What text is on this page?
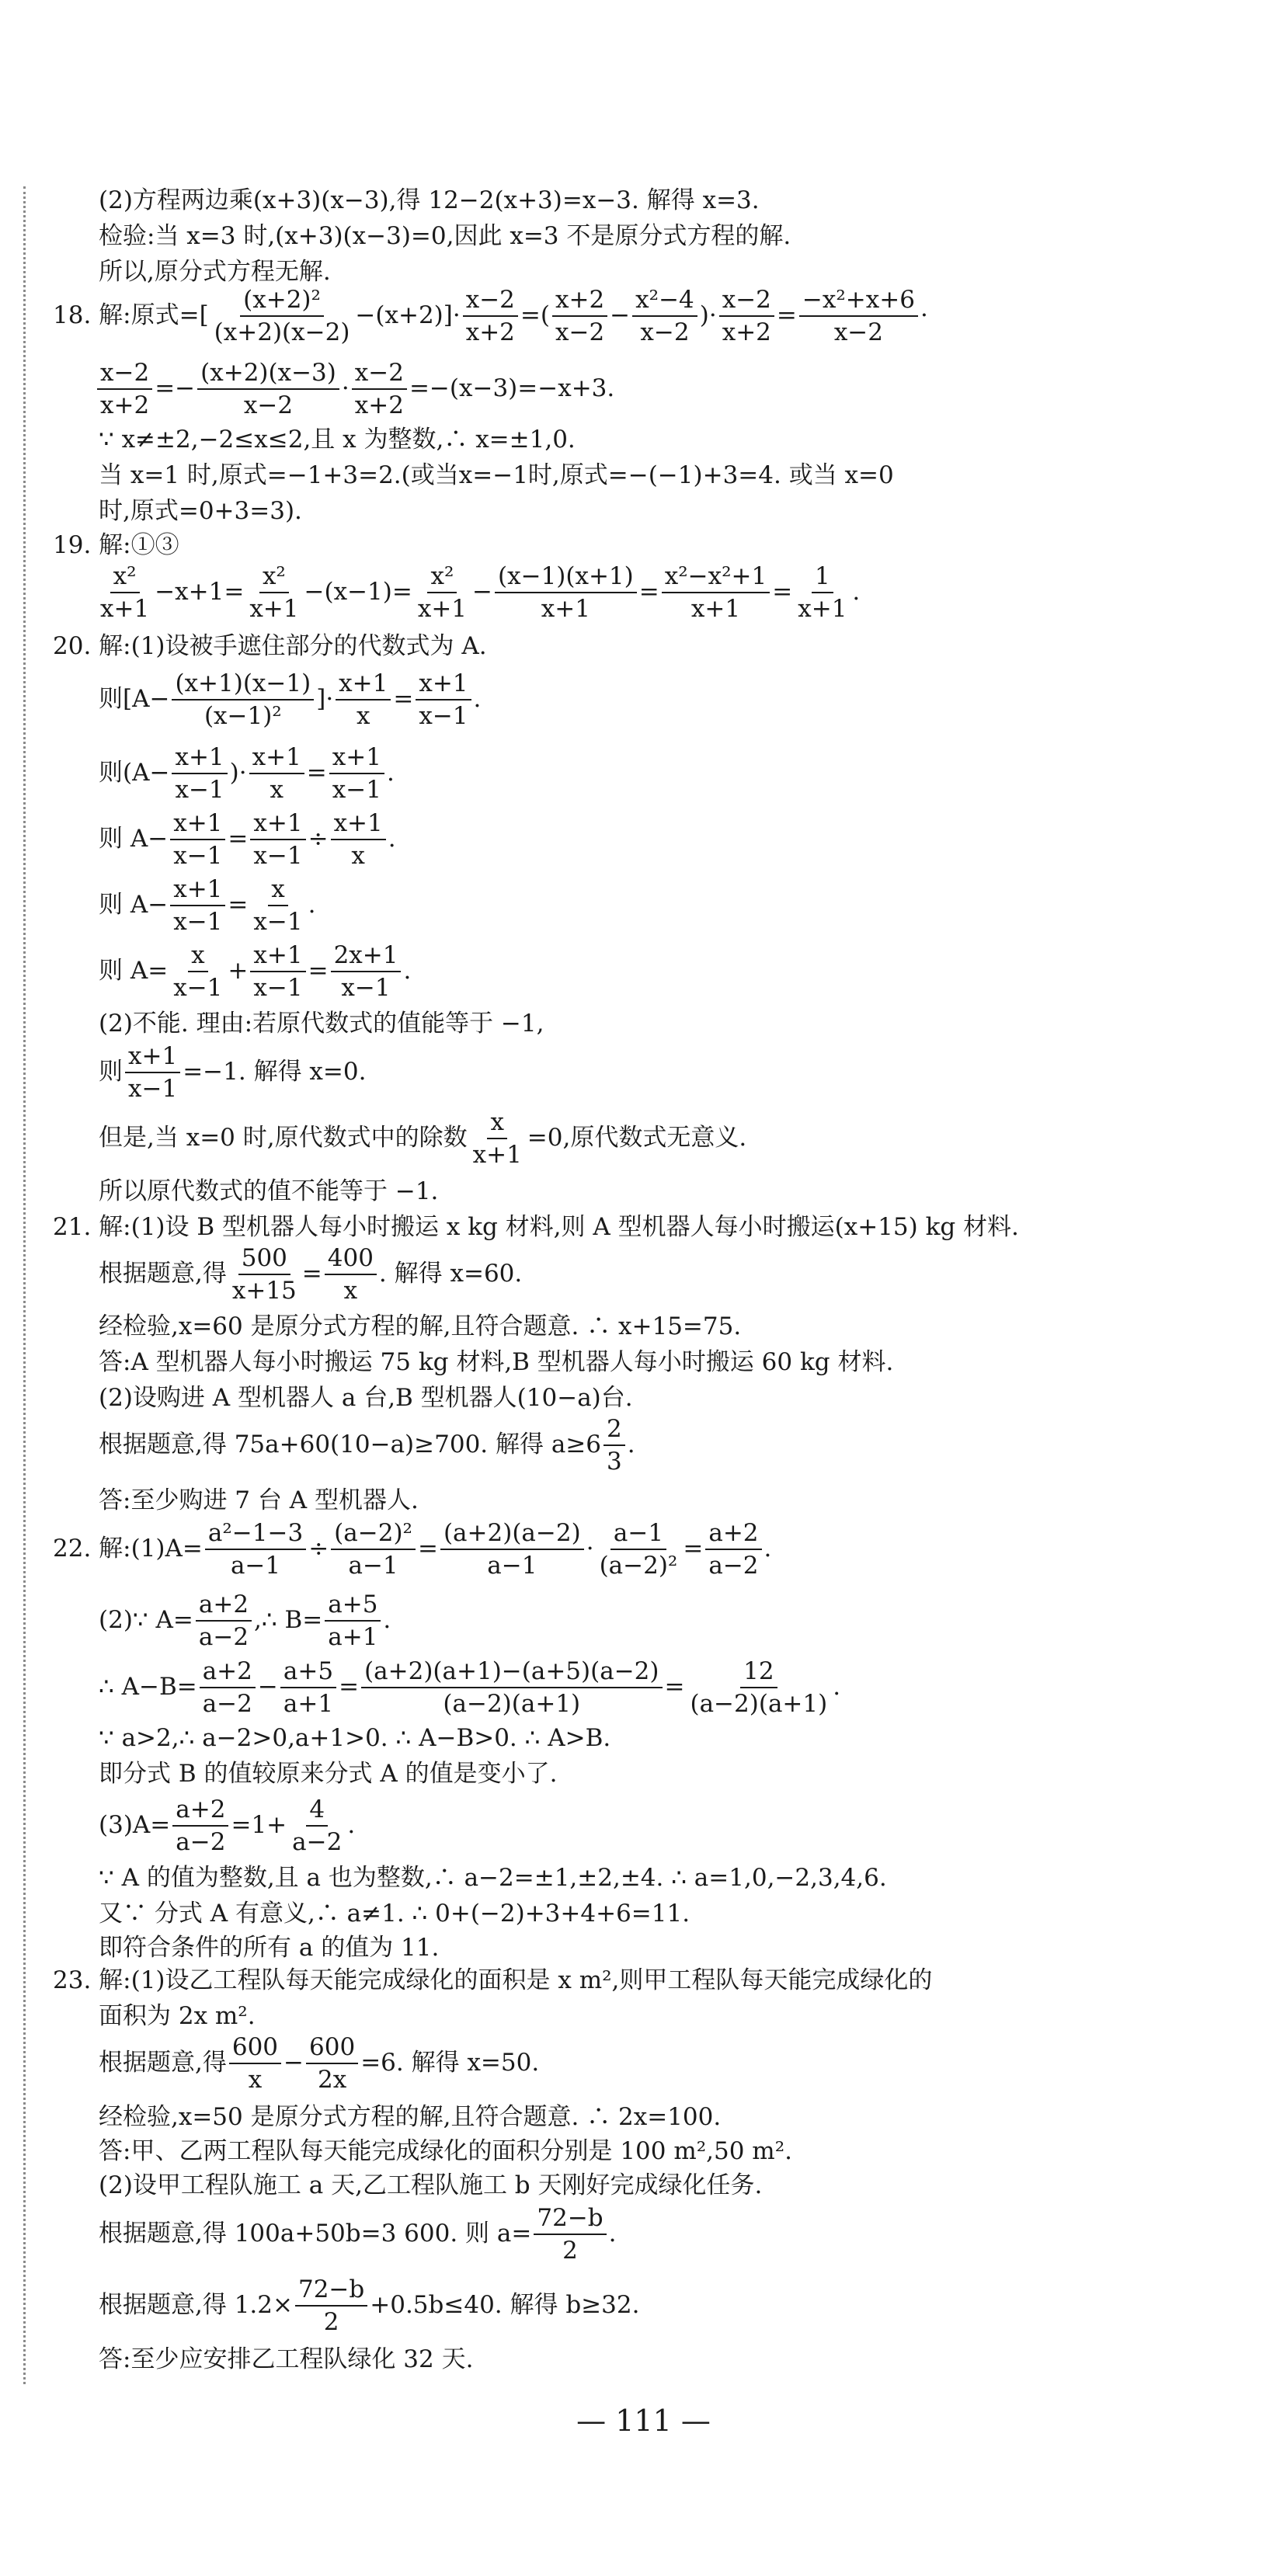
(2)方程两边乘(x+3)(x−3),得 12−2(x+3)=x−3. 解得 x=3.
检验:当 x=3 时,(x+3)(x−3)=0,因此 x=3 不是原分式方程的解.
所以,原分式方程无解.
18. 解:原式=[ $\frac{\text{(x+2)²}}{(x+2)(x-2)} -(x+2)]\cdot \frac{x-2}{x+2}$ =( $\frac{x+2}{x-2} - \frac{\text{x²−4}}{x-2}$ )· $\frac{x-2}{x+2} = \frac{\text{−x²+x+6}}{x-2}$ ·
$\frac{x-2}{x+2} =- \frac{(x+2)(x-3)}{x-2} \cdot \frac{x-2}{x+2} =-(x-3)=-x+3$.
∵ x≠±2,−2≤x≤2,且 x 为整数,∴ x=±1,0.
当 x=1 时,原式=−1+3=2.(或当x=−1时,原式=−(−1)+3=4. 或当 x=0
时,原式=0+3=3).
19. 解:①③
$\frac{\text{x²}}{x+1} -x+1= \frac{\text{x²}}{x+1} -(x-1)= \frac{\text{x²}}{x+1} - \frac{(x-1)(x+1)}{x+1} = \frac{\text{x²−x²+1}}{x+1} = \frac{1}{x+1}$ .
20. 解:(1)设被手遮住部分的代数式为 A.
则[$A- \frac{(x+1)(x-1)}{\text{(x−1)²}}$ ]· $\frac{x+1}{x} = \frac{x+1}{x-1}$ .
则($A- \frac{x+1}{x-1}$ )· $\frac{x+1}{x} = \frac{x+1}{x-1}$ .
则 $A- \frac{x+1}{x-1} = \frac{x+1}{x-1} \div \frac{x+1}{x}$ .
则 $A- \frac{x+1}{x-1} = \frac{x}{x-1}$ .
则 $A= \frac{x}{x-1} + \frac{x+1}{x-1} = \frac{2x+1}{x-1}$ .
(2)不能. 理由:若原代数式的值能等于 −1,
则 $\frac{x+1}{x-1} =-1$. 解得 x=0.
但是,当 x=0 时,原代数式中的除数 $\frac{x}{x+1} =0$,原代数式无意义.
所以原代数式的值不能等于 −1.
21. 解:(1)设 B 型机器人每小时搬运 x kg 材料,则 A 型机器人每小时搬运(x+15) kg 材料.
根据题意,得 $\frac{500}{x+15} = \frac{400}{x}$ . 解得 x=60.
经检验,x=60 是原分式方程的解,且符合题意. ∴ x+15=75.
答:A 型机器人每小时搬运 75 kg 材料,B 型机器人每小时搬运 60 kg 材料.
(2)设购进 A 型机器人 a 台,B 型机器人(10−a)台.
根据题意,得 75a+60(10−a)≥700. 解得 $a\ge 6 \frac{2}{3}$ .
答:至少购进 7 台 A 型机器人.
22. 解:(1)A= $\frac{\text{a²−1−3}}{a-1} \div \frac{\text{(a−2)²}}{a-1} = \frac{(a+2)(a-2)}{a-1} \cdot \frac{a-1}{\text{(a−2)²}} = \frac{a+2}{a-2}$ .
(2)∵ $A= \frac{a+2}{a-2}$ ,∴ $B= \frac{a+5}{a+1}$ .
∴ $A-B= \frac{a+2}{a-2} - \frac{a+5}{a+1} = \frac{(a+2)(a+1)-(a+5)(a-2)}{(a-2)(a+1)} = \frac{12}{(a-2)(a+1)}$ .
∵ a>2,∴ a−2>0,a+1>0. ∴ A−B>0. ∴ A>B.
即分式 B 的值较原来分式 A 的值是变小了.
$(3)A= \frac{a+2}{a-2} =1+ \frac{4}{a-2}$ .
∵ A 的值为整数,且 a 也为整数,∴ a−2=±1,±2,±4. ∴ a=1,0,−2,3,4,6.
又∵ 分式 A 有意义,∴ a≠1. ∴ 0+(−2)+3+4+6=11.
即符合条件的所有 a 的值为 11.
23. 解:(1)设乙工程队每天能完成绿化的面积是 x m²,则甲工程队每天能完成绿化的
面积为 2x m².
根据题意,得 $\frac{600}{x} - \frac{600}{2x} =6$. 解得 x=50.
经检验,x=50 是原分式方程的解,且符合题意. ∴ 2x=100.
答:甲、乙两工程队每天能完成绿化的面积分别是 100 m²,50 m².
(2)设甲工程队施工 a 天,乙工程队施工 b 天刚好完成绿化任务.
根据题意,得 100a+50b=3 600. 则 $a= \frac{72-b}{2}$ .
根据题意,得 $1.2\times \frac{72-b}{2} +0.5b\le 40$. 解得 b≥32.
答:至少应安排乙工程队绿化 32 天.
— 111 —
